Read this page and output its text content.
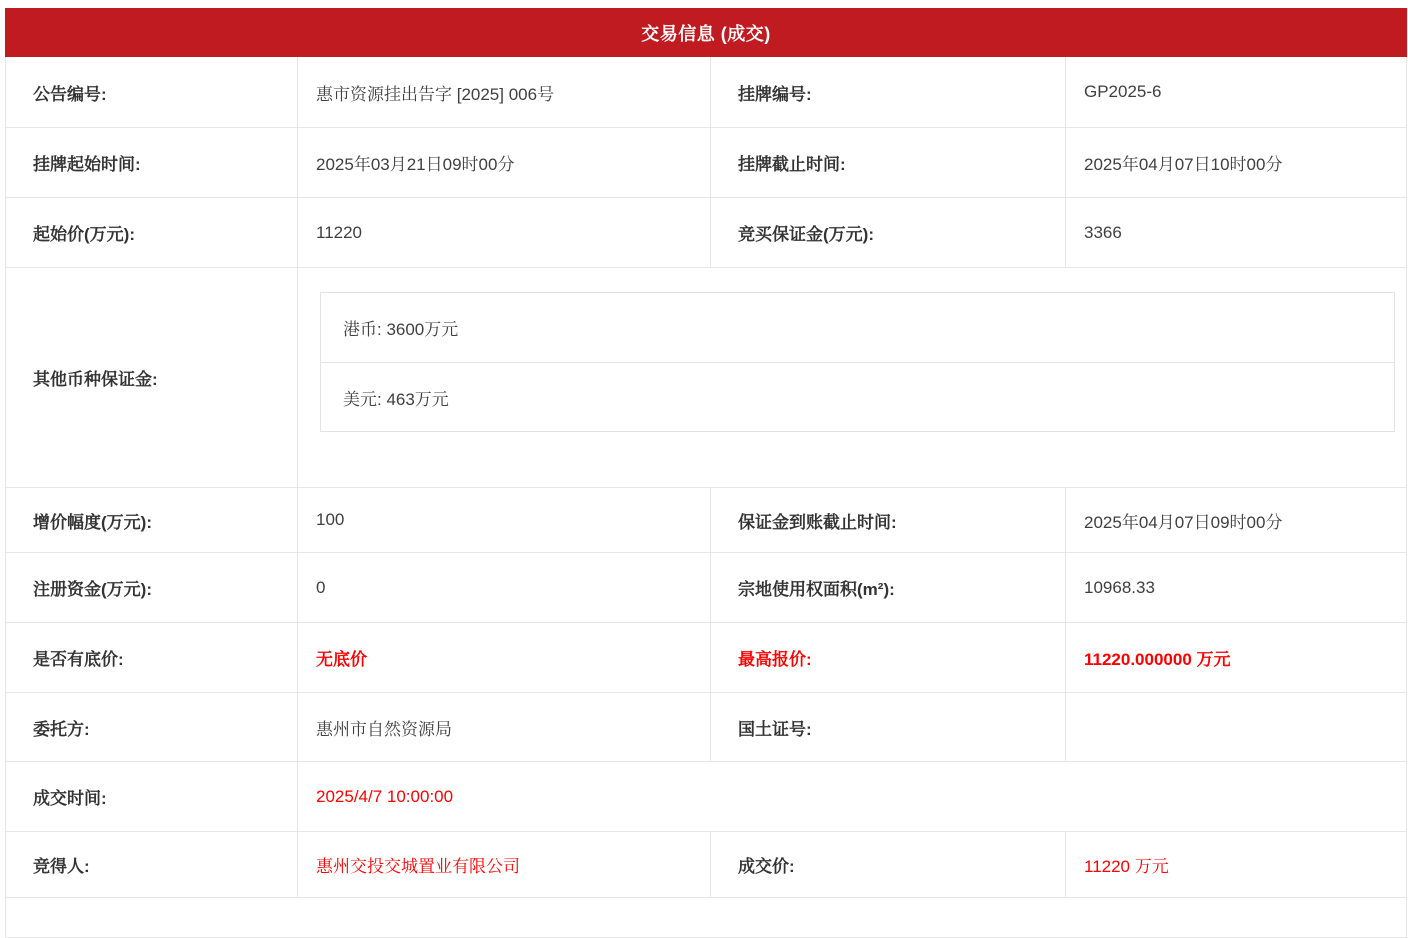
交易信息 (成交)
公告编号:	惠市资源挂出告字 [2025] 006号	挂牌编号:	GP2025-6
挂牌起始时间:	2025年03月21日09时00分	挂牌截止时间:	2025年04月07日10时00分
起始价(万元):	11220	竞买保证金(万元):	3366
其他币种保证金:
港币: 3600万元
美元: 463万元
增价幅度(万元):	100	保证金到账截止时间:	2025年04月07日09时00分
注册资金(万元):	0	宗地使用权面积(m²):	10968.33
是否有底价:	无底价	最高报价:	11220.000000 万元
委托方:	惠州市自然资源局	国土证号:
成交时间:	2025/4/7 10:00:00
竞得人:	惠州交投交城置业有限公司	成交价:	11220 万元
